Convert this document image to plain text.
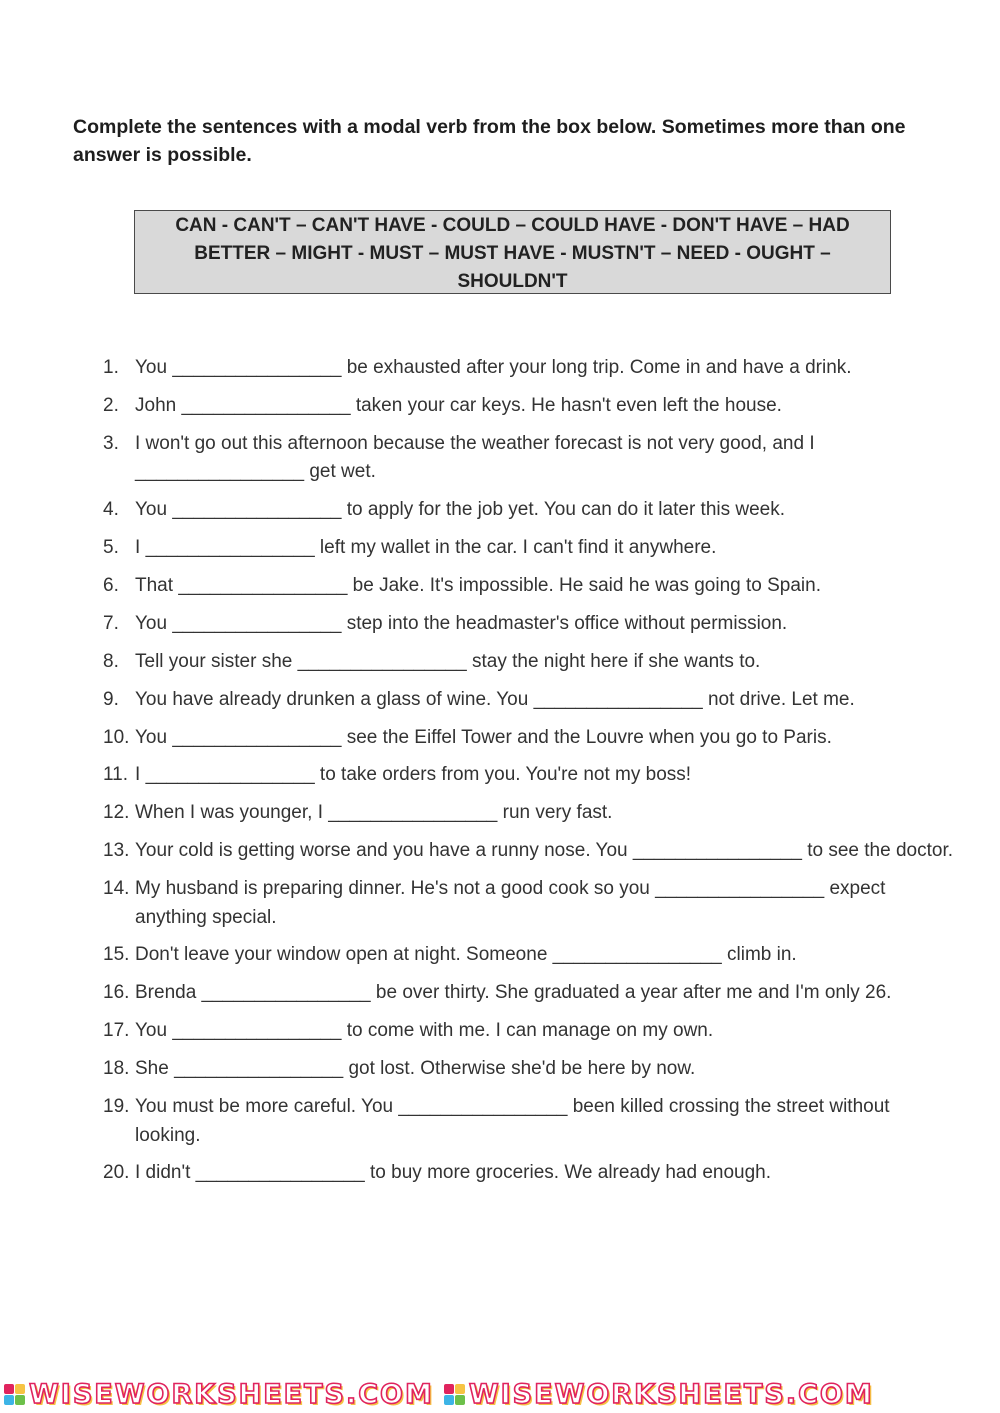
Complete the sentences with a modal verb from the box below. Sometimes more than one answer is possible.
CAN - CAN'T – CAN'T HAVE - COULD – COULD HAVE - DON'T HAVE – HAD
BETTER – MIGHT - MUST – MUST HAVE - MUSTN'T – NEED - OUGHT –
SHOULDN'T
1. You ________________ be exhausted after your long trip. Come in and have a drink.
2. John ________________ taken your car keys. He hasn't even left the house.
3. I won't go out this afternoon because the weather forecast is not very good, and I ________________ get wet.
4. You ________________ to apply for the job yet. You can do it later this week.
5. I ________________ left my wallet in the car. I can't find it anywhere.
6. That ________________ be Jake. It's impossible. He said he was going to Spain.
7. You ________________ step into the headmaster's office without permission.
8. Tell your sister she ________________ stay the night here if she wants to.
9. You have already drunken a glass of wine. You ________________ not drive. Let me.
10. You ________________ see the Eiffel Tower and the Louvre when you go to Paris.
11. I ________________ to take orders from you. You're not my boss!
12. When I was younger, I ________________ run very fast.
13. Your cold is getting worse and you have a runny nose. You ________________ to see the doctor.
14. My husband is preparing dinner. He's not a good cook so you ________________ expect anything special.
15. Don't leave your window open at night. Someone ________________ climb in.
16. Brenda ________________ be over thirty. She graduated a year after me and I'm only 26.
17. You ________________ to come with me. I can manage on my own.
18. She ________________ got lost. Otherwise she'd be here by now.
19. You must be more careful. You ________________ been killed crossing the street without looking.
20. I didn't ________________ to buy more groceries. We already had enough.
WISEWORKSHEETS.COM WISEWORKSHEETS.COM
